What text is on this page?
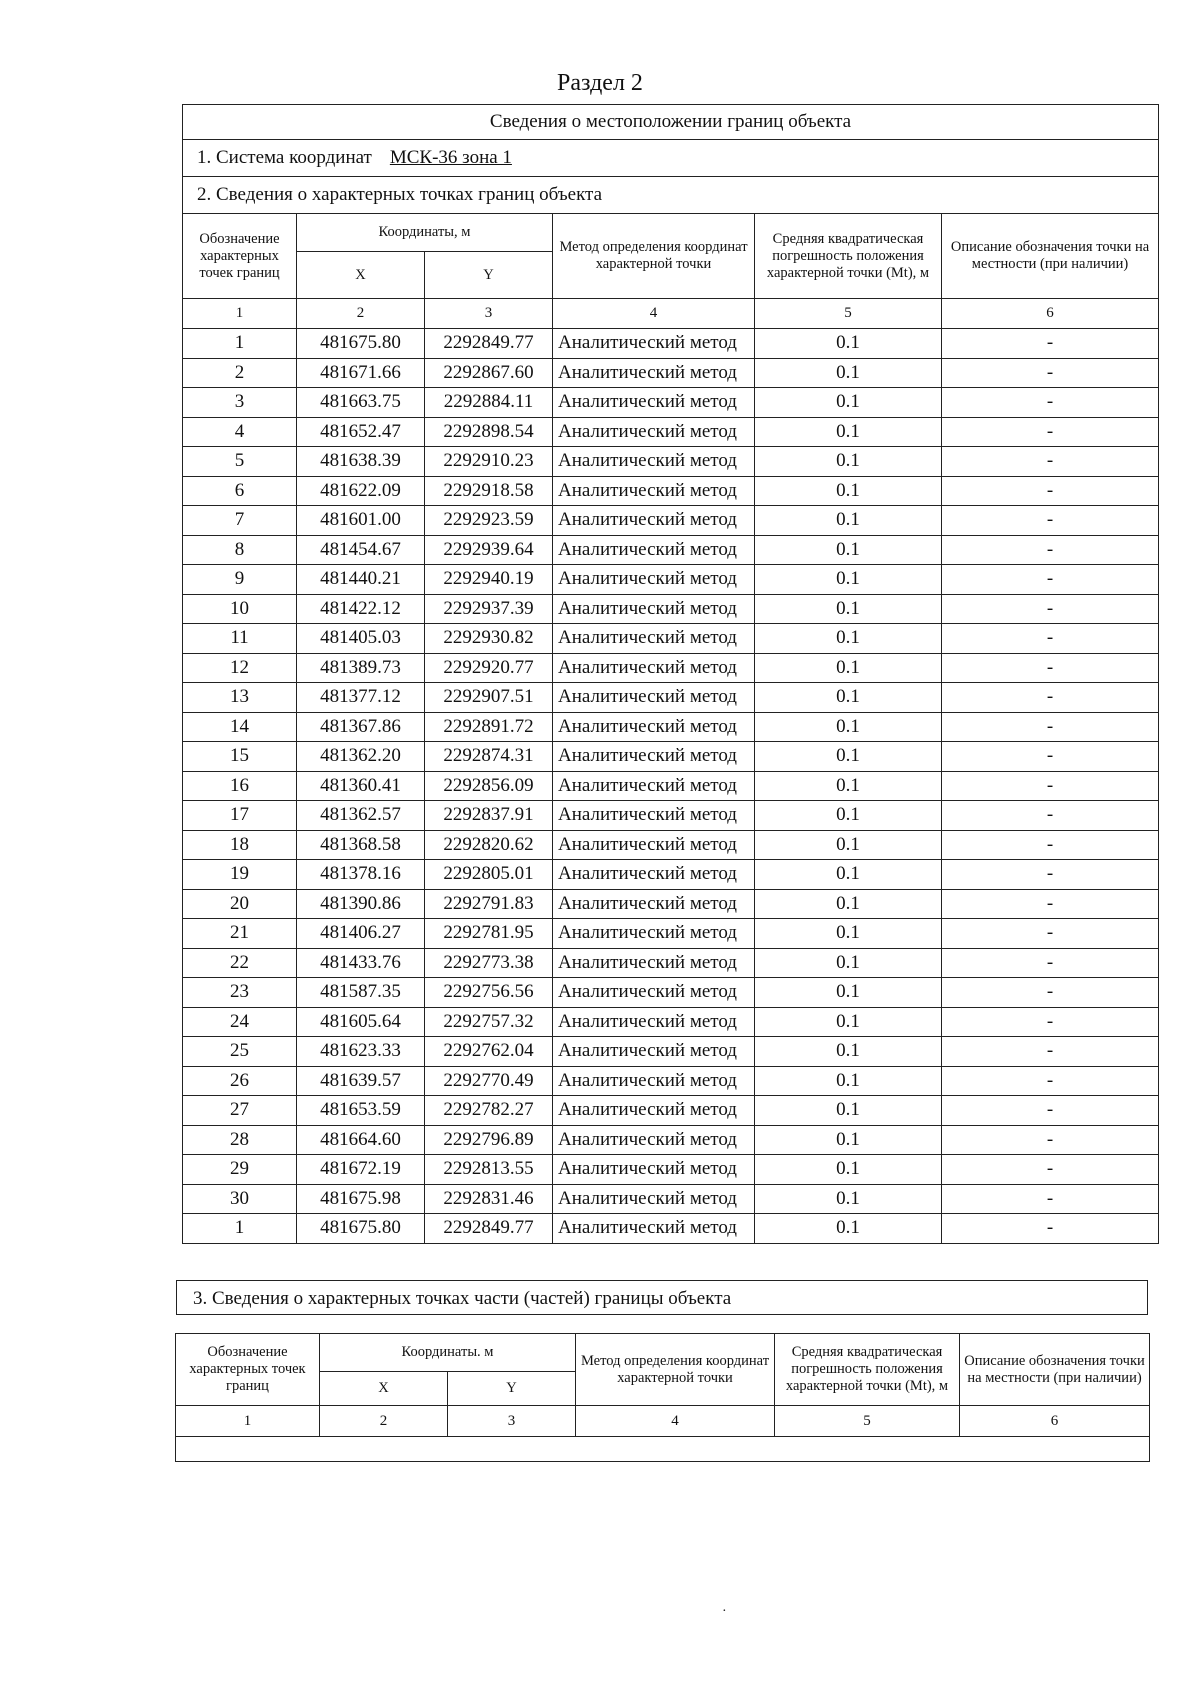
Раздел 2
Сведения о местоположении границ объекта					
1. Система координат МСК-36 зона 1					
2. Сведения о характерных точках границ объекта					
Обозначение характерных точек границ	Координаты, м		Метод определения координат характерной точки	Средняя квадратическая погрешность положения характерной точки (Mt), м	Описание обозначения точки на местности (при наличии)
	X	Y			
1	2	3	4	5	6
1	481675.80	2292849.77	Аналитический метод	0.1	-
2	481671.66	2292867.60	Аналитический метод	0.1	-
3	481663.75	2292884.11	Аналитический метод	0.1	-
4	481652.47	2292898.54	Аналитический метод	0.1	-
5	481638.39	2292910.23	Аналитический метод	0.1	-
6	481622.09	2292918.58	Аналитический метод	0.1	-
7	481601.00	2292923.59	Аналитический метод	0.1	-
8	481454.67	2292939.64	Аналитический метод	0.1	-
9	481440.21	2292940.19	Аналитический метод	0.1	-
10	481422.12	2292937.39	Аналитический метод	0.1	-
11	481405.03	2292930.82	Аналитический метод	0.1	-
12	481389.73	2292920.77	Аналитический метод	0.1	-
13	481377.12	2292907.51	Аналитический метод	0.1	-
14	481367.86	2292891.72	Аналитический метод	0.1	-
15	481362.20	2292874.31	Аналитический метод	0.1	-
16	481360.41	2292856.09	Аналитический метод	0.1	-
17	481362.57	2292837.91	Аналитический метод	0.1	-
18	481368.58	2292820.62	Аналитический метод	0.1	-
19	481378.16	2292805.01	Аналитический метод	0.1	-
20	481390.86	2292791.83	Аналитический метод	0.1	-
21	481406.27	2292781.95	Аналитический метод	0.1	-
22	481433.76	2292773.38	Аналитический метод	0.1	-
23	481587.35	2292756.56	Аналитический метод	0.1	-
24	481605.64	2292757.32	Аналитический метод	0.1	-
25	481623.33	2292762.04	Аналитический метод	0.1	-
26	481639.57	2292770.49	Аналитический метод	0.1	-
27	481653.59	2292782.27	Аналитический метод	0.1	-
28	481664.60	2292796.89	Аналитический метод	0.1	-
29	481672.19	2292813.55	Аналитический метод	0.1	-
30	481675.98	2292831.46	Аналитический метод	0.1	-
1	481675.80	2292849.77	Аналитический метод	0.1	-
3. Сведения о характерных точках части (частей) границы объекта
Обозначение характерных точек границ	Координаты. м		Метод определения координат характерной точки	Средняя квадратическая погрешность положения характерной точки (Mt), м	Описание обозначения точки на местности (при наличии)
	X	Y			
1	2	3	4	5	6

·
